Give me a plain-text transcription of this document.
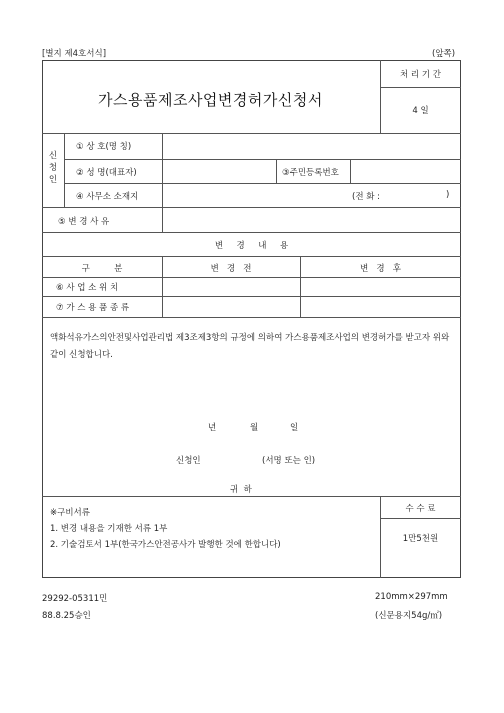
[별지 제4호서식]	(앞쪽)
가스용품제조사업변경허가신청서
처 리 기 간
4 일
신
청
인
① 상 호(명 칭)
② 성 명(대표자)	③주민등록번호
④ 사무소 소재지	(전 화 :	)
⑤ 변 경 사 유
변     경     내     용
구         분	변   경   전	변   경   후
⑥ 사 업 소 위 치
⑦ 가 스 용 품 종 류
액화석유가스의안전및사업관리법 제3조제3항의 규정에 의하여 가스용품제조사업의 변경허가를 받고자 위와 같이 신청합니다.
년	월	일
신청인	(서명 또는 인)
귀  하
※구비서류
1. 변경 내용을 기재한 서류 1부
2. 기술검토서 1부(한국가스안전공사가 발행한 것에 한합니다)
수 수 료
1만5천원
29292-05311민
88.8.25승인
210mm×297mm
(신문용지54g/㎡)
